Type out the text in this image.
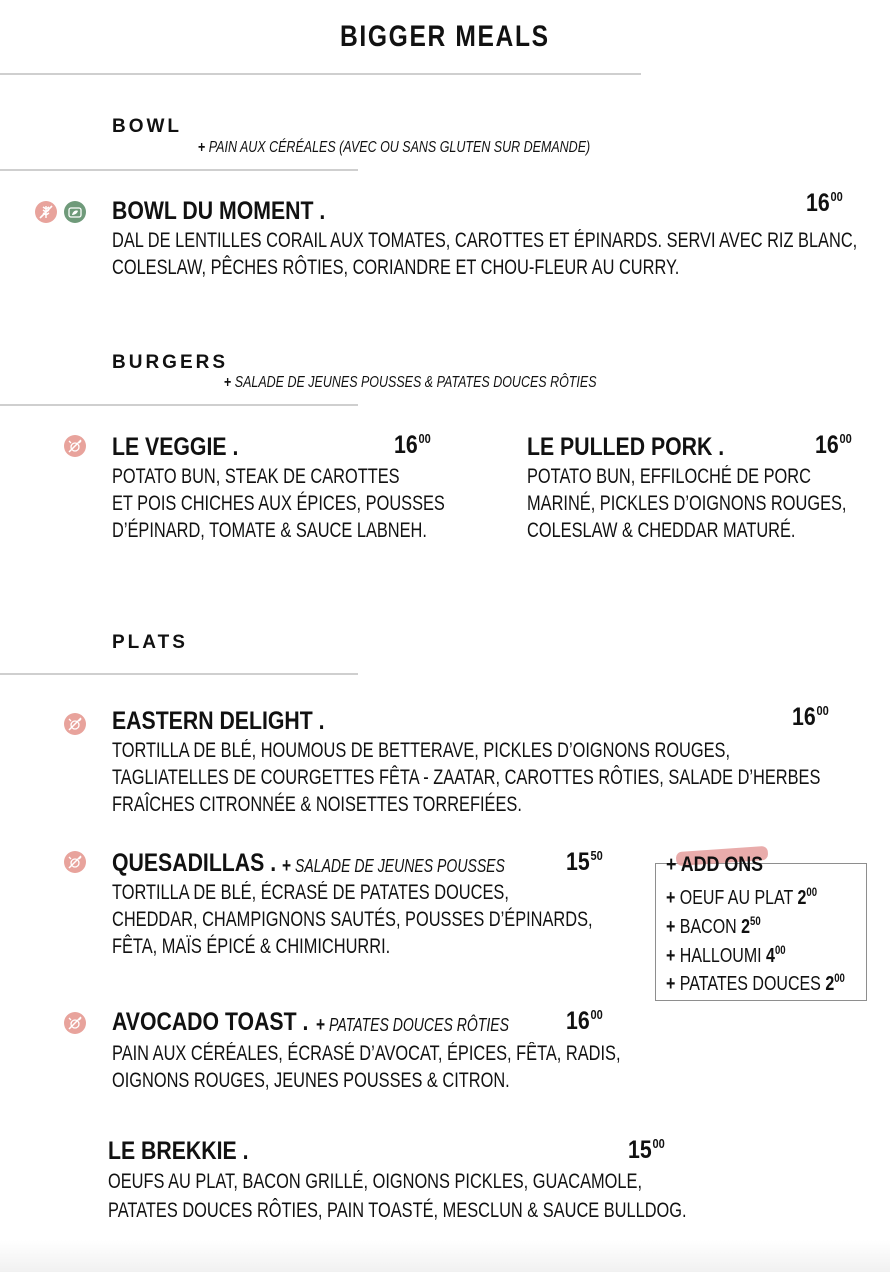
BIGGER MEALS
BOWL
+ PAIN AUX CÉRÉALES (AVEC OU SANS GLUTEN SUR DEMANDE)
BOWL DU MOMENT .	$16^{00}$
DAL DE LENTILLES CORAIL AUX TOMATES, CAROTTES ET ÉPINARDS. SERVI AVEC RIZ BLANC,
COLESLAW, PÊCHES RÔTIES, CORIANDRE ET CHOU-FLEUR AU CURRY.
BURGERS
+ SALADE DE JEUNES POUSSES & PATATES DOUCES RÔTIES
LE VEGGIE .	$16^{00}$
POTATO BUN, STEAK DE CAROTTES
ET POIS CHICHES AUX ÉPICES, POUSSES
D’ÉPINARD, TOMATE & SAUCE LABNEH.
LE PULLED PORK .	$16^{00}$
POTATO BUN, EFFILOCHÉ DE PORC
MARINÉ, PICKLES D’OIGNONS ROUGES,
COLESLAW & CHEDDAR MATURÉ.
PLATS
EASTERN DELIGHT .	$16^{00}$
TORTILLA DE BLÉ, HOUMOUS DE BETTERAVE, PICKLES D’OIGNONS ROUGES,
TAGLIATELLES DE COURGETTES FÊTA - ZAATAR, CAROTTES RÔTIES, SALADE D’HERBES
FRAÎCHES CITRONNÉE & NOISETTES TORREFIÉES.
QUESADILLAS . + SALADE DE JEUNES POUSSES $15^{50}$
TORTILLA DE BLÉ, ÉCRASÉ DE PATATES DOUCES,
CHEDDAR, CHAMPIGNONS SAUTÉS, POUSSES D’ÉPINARDS,
FÊTA, MAÏS ÉPICÉ & CHIMICHURRI.
+ ADD ONS
+ OEUF AU PLAT $2^{00}$
+ BACON $2^{50}$
+ HALLOUMI $4^{00}$
+ PATATES DOUCES $2^{00}$
AVOCADO TOAST . + PATATES DOUCES RÔTIES $16^{00}$
PAIN AUX CÉRÉALES, ÉCRASÉ D’AVOCAT, ÉPICES, FÊTA, RADIS,
OIGNONS ROUGES, JEUNES POUSSES & CITRON.
LE BREKKIE .	$15^{00}$
OEUFS AU PLAT, BACON GRILLÉ, OIGNONS PICKLES, GUACAMOLE,
PATATES DOUCES RÔTIES, PAIN TOASTÉ, MESCLUN & SAUCE BULLDOG.
